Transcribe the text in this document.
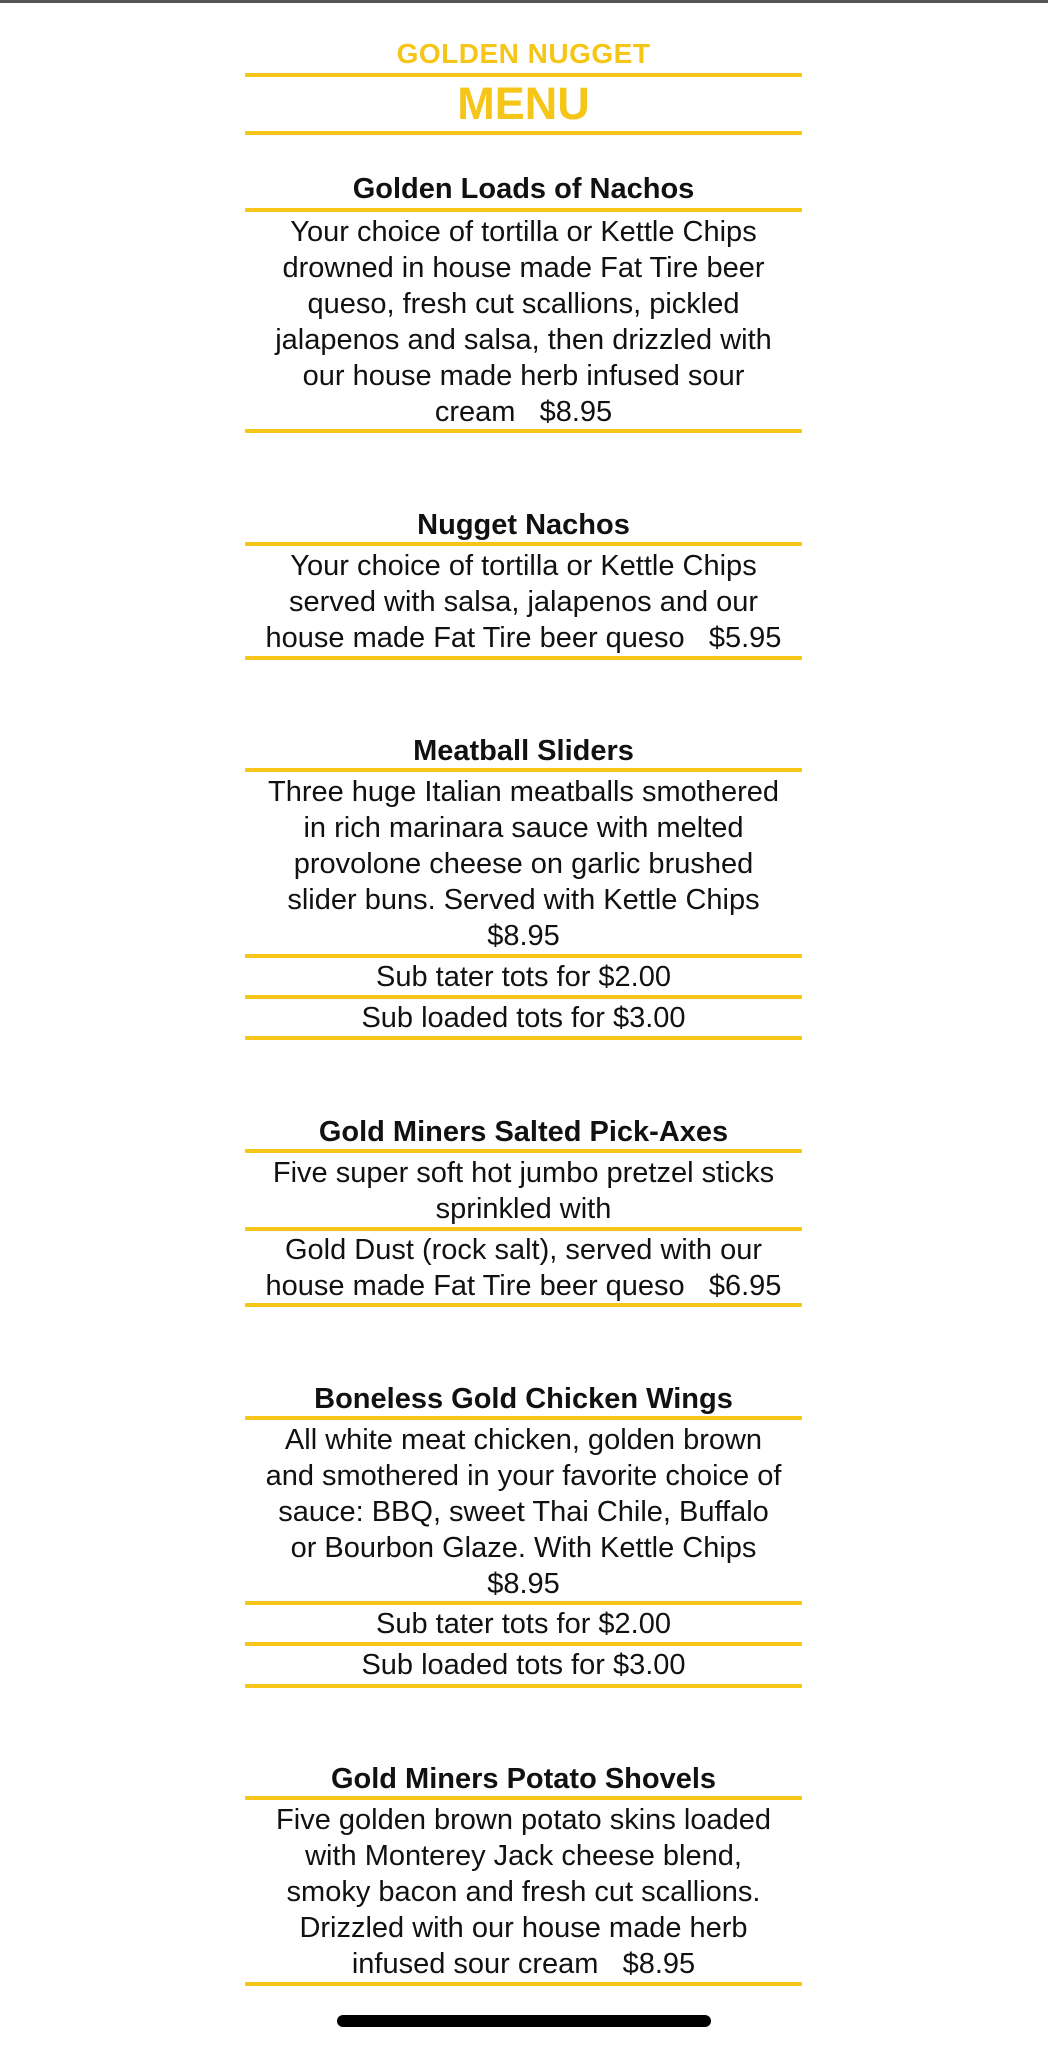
GOLDEN NUGGET
MENU
Golden Loads of Nachos
Your choice of tortilla or Kettle Chips
drowned in house made Fat Tire beer
queso, fresh cut scallions, pickled
jalapenos and salsa, then drizzled with
our house made herb infused sour
cream $8.95
Nugget Nachos
Your choice of tortilla or Kettle Chips
served with salsa, jalapenos and our
house made Fat Tire beer queso $5.95
Meatball Sliders
Three huge Italian meatballs smothered
in rich marinara sauce with melted
provolone cheese on garlic brushed
slider buns. Served with Kettle Chips
$8.95
Sub tater tots for $2.00
Sub loaded tots for $3.00
Gold Miners Salted Pick-Axes
Five super soft hot jumbo pretzel sticks
sprinkled with
Gold Dust (rock salt), served with our
house made Fat Tire beer queso $6.95
Boneless Gold Chicken Wings
All white meat chicken, golden brown
and smothered in your favorite choice of
sauce: BBQ, sweet Thai Chile, Buffalo
or Bourbon Glaze. With Kettle Chips
$8.95
Sub tater tots for $2.00
Sub loaded tots for $3.00
Gold Miners Potato Shovels
Five golden brown potato skins loaded
with Monterey Jack cheese blend,
smoky bacon and fresh cut scallions.
Drizzled with our house made herb
infused sour cream $8.95
